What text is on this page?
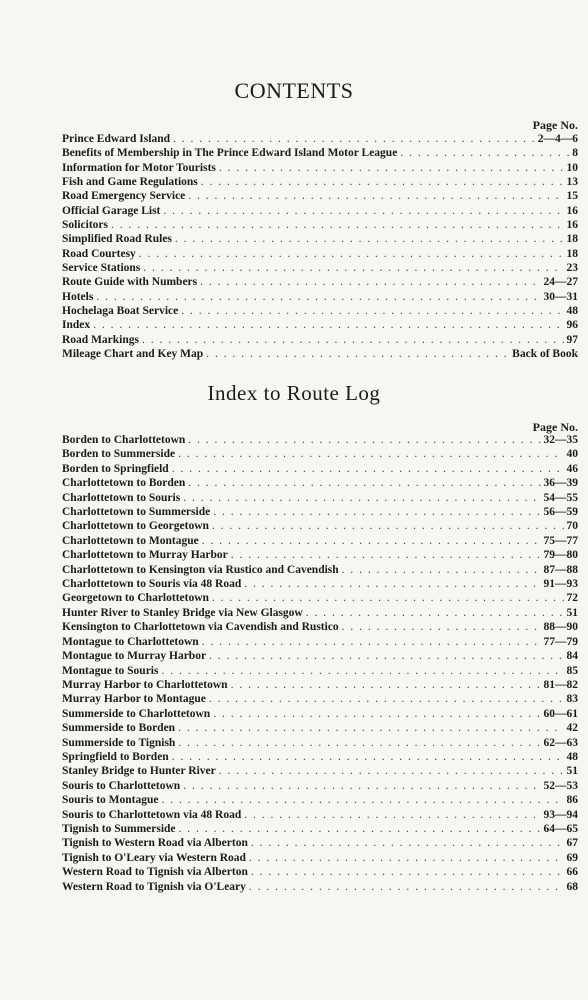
CONTENTS
Page No.
Prince Edward Island . . .	2—4—6
Benefits of Membership in The Prince Edward Island Motor League . . .	8
Information for Motor Tourists . . .	10
Fish and Game Regulations . . .	13
Road Emergency Service . . .	15
Official Garage List . . .	16
Solicitors . . .	16
Simplified Road Rules . . .	18
Road Courtesy . . .	18
Service Stations . . .	23
Route Guide with Numbers . . .	24—27
Hotels . . .	30—31
Hochelaga Boat Service . . .	48
Index . . .	96
Road Markings . . .	97
Mileage Chart and Key Map . . .	Back of Book
Index to Route Log
Page No.
Borden to Charlottetown . . .	32—35
Borden to Summerside . . .	40
Borden to Springfield . . .	46
Charlottetown to Borden . . .	36—39
Charlottetown to Souris . . .	54—55
Charlottetown to Summerside . . .	56—59
Charlottetown to Georgetown . . .	70
Charlottetown to Montague . . .	75—77
Charlottetown to Murray Harbor . . .	79—80
Charlottetown to Kensington via Rustico and Cavendish . . .	87—88
Charlottetown to Souris via 48 Road . . .	91—93
Georgetown to Charlottetown . . .	72
Hunter River to Stanley Bridge via New Glasgow . . .	51
Kensington to Charlottetown via Cavendish and Rustico . . .	88—90
Montague to Charlottetown . . .	77—79
Montague to Murray Harbor . . .	84
Montague to Souris . . .	85
Murray Harbor to Charlottetown . . .	81—82
Murray Harbor to Montague . . .	83
Summerside to Charlottetown . . .	60—61
Summerside to Borden . . .	42
Summerside to Tignish . . .	62—63
Springfield to Borden . . .	48
Stanley Bridge to Hunter River . . .	51
Souris to Charlottetown . . .	52—53
Souris to Montague . . .	86
Souris to Charlottetown via 48 Road . . .	93—94
Tignish to Summerside . . .	64—65
Tignish to Western Road via Alberton . . .	67
Tignish to O'Leary via Western Road . . .	69
Western Road to Tignish via Alberton . . .	66
Western Road to Tignish via O'Leary . . .	68
